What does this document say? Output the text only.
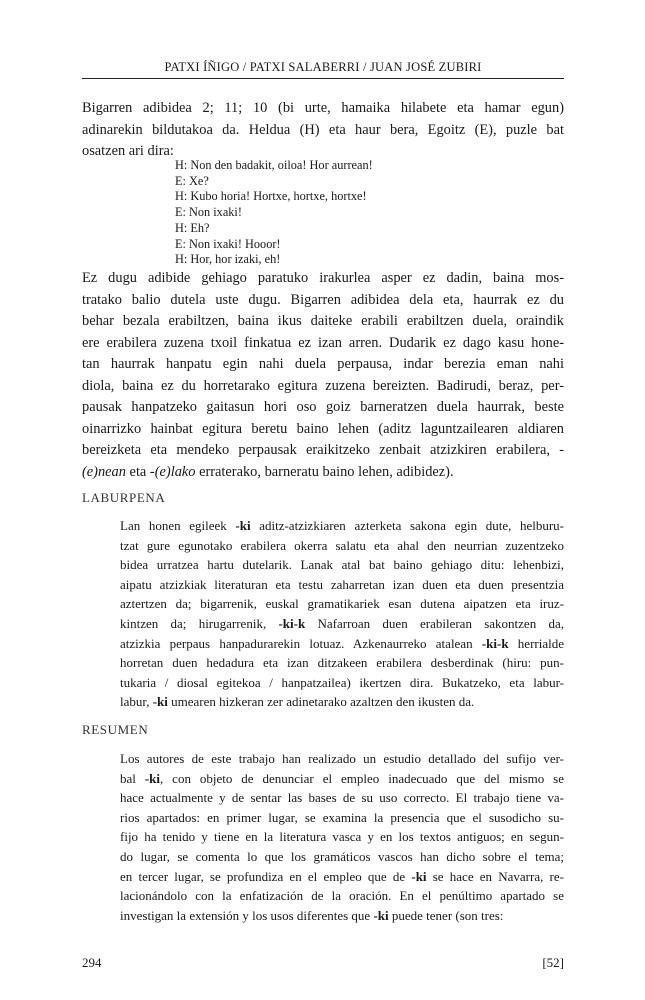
PATXI ÍÑIGO / PATXI SALABERRI / JUAN JOSÉ ZUBIRI

Bigarren adibidea 2; 11; 10 (bi urte, hamaika hilabete eta hamar egun)
adinarekin bildutakoa da. Heldua (H) eta haur bera, Egoitz (E), puzle bat
osatzen ari dira:

H: Non den badakit, oiloa! Hor aurrean!
E: Xe?
H: Kubo horia! Hortxe, hortxe, hortxe!
E: Non ixaki!
H: Eh?
E: Non ixaki! Hooor!
H: Hor, hor izaki, eh!

Ez dugu adibide gehiago paratuko irakurlea asper ez dadin, baina mos-
tratako balio dutela uste dugu. Bigarren adibidea dela eta, haurrak ez du
behar bezala erabiltzen, baina ikus daiteke erabili erabiltzen duela, oraindik
ere erabilera zuzena txoil finkatua ez izan arren. Dudarik ez dago kasu hone-
tan haurrak hanpatu egin nahi duela perpausa, indar berezia eman nahi
diola, baina ez du horretarako egitura zuzena bereizten. Badirudi, beraz, per-
pausak hanpatzeko gaitasun hori oso goiz barneratzen duela haurrak, beste
oinarrizko hainbat egitura beretu baino lehen (aditz laguntzailearen aldiaren
bereizketa eta mendeko perpausak eraikitzeko zenbait atzizkiren erabilera, -
(e)nean eta -(e)lako erraterako, barneratu baino lehen, adibidez).

LABURPENA

Lan honen egileek -ki aditz-atzizkiaren azterketa sakona egin dute, helburu-
tzat gure egunotako erabilera okerra salatu eta ahal den neurrian zuzentzeko
bidea urratzea hartu dutelarik. Lanak atal bat baino gehiago ditu: lehenbizi,
aipatu atzizkiak literaturan eta testu zaharretan izan duen eta duen presentzia
aztertzen da; bigarrenik, euskal gramatikariek esan dutena aipatzen eta iruz-
kintzen da; hirugarrenik, -ki-k Nafarroan duen erabileran sakontzen da,
atzizkia perpaus hanpadurarekin lotuaz. Azkenaurreko atalean -ki-k herrialde
horretan duen hedadura eta izan ditzakeen erabilera desberdinak (hiru: pun-
tukaria / diosal egitekoa / hanpatzailea) ikertzen dira. Bukatzeko, eta labur-
labur, -ki umearen hizkeran zer adinetarako azaltzen den ikusten da.

RESUMEN

Los autores de este trabajo han realizado un estudio detallado del sufijo ver-
bal -ki, con objeto de denunciar el empleo inadecuado que del mismo se
hace actualmente y de sentar las bases de su uso correcto. El trabajo tiene va-
rios apartados: en primer lugar, se examina la presencia que el susodicho su-
fijo ha tenido y tiene en la literatura vasca y en los textos antiguos; en segun-
do lugar, se comenta lo que los gramáticos vascos han dicho sobre el tema;
en tercer lugar, se profundiza en el empleo que de -ki se hace en Navarra, re-
lacionándolo con la enfatización de la oración. En el penúltimo apartado se
investigan la extensión y los usos diferentes que -ki puede tener (son tres:

294	[52]
